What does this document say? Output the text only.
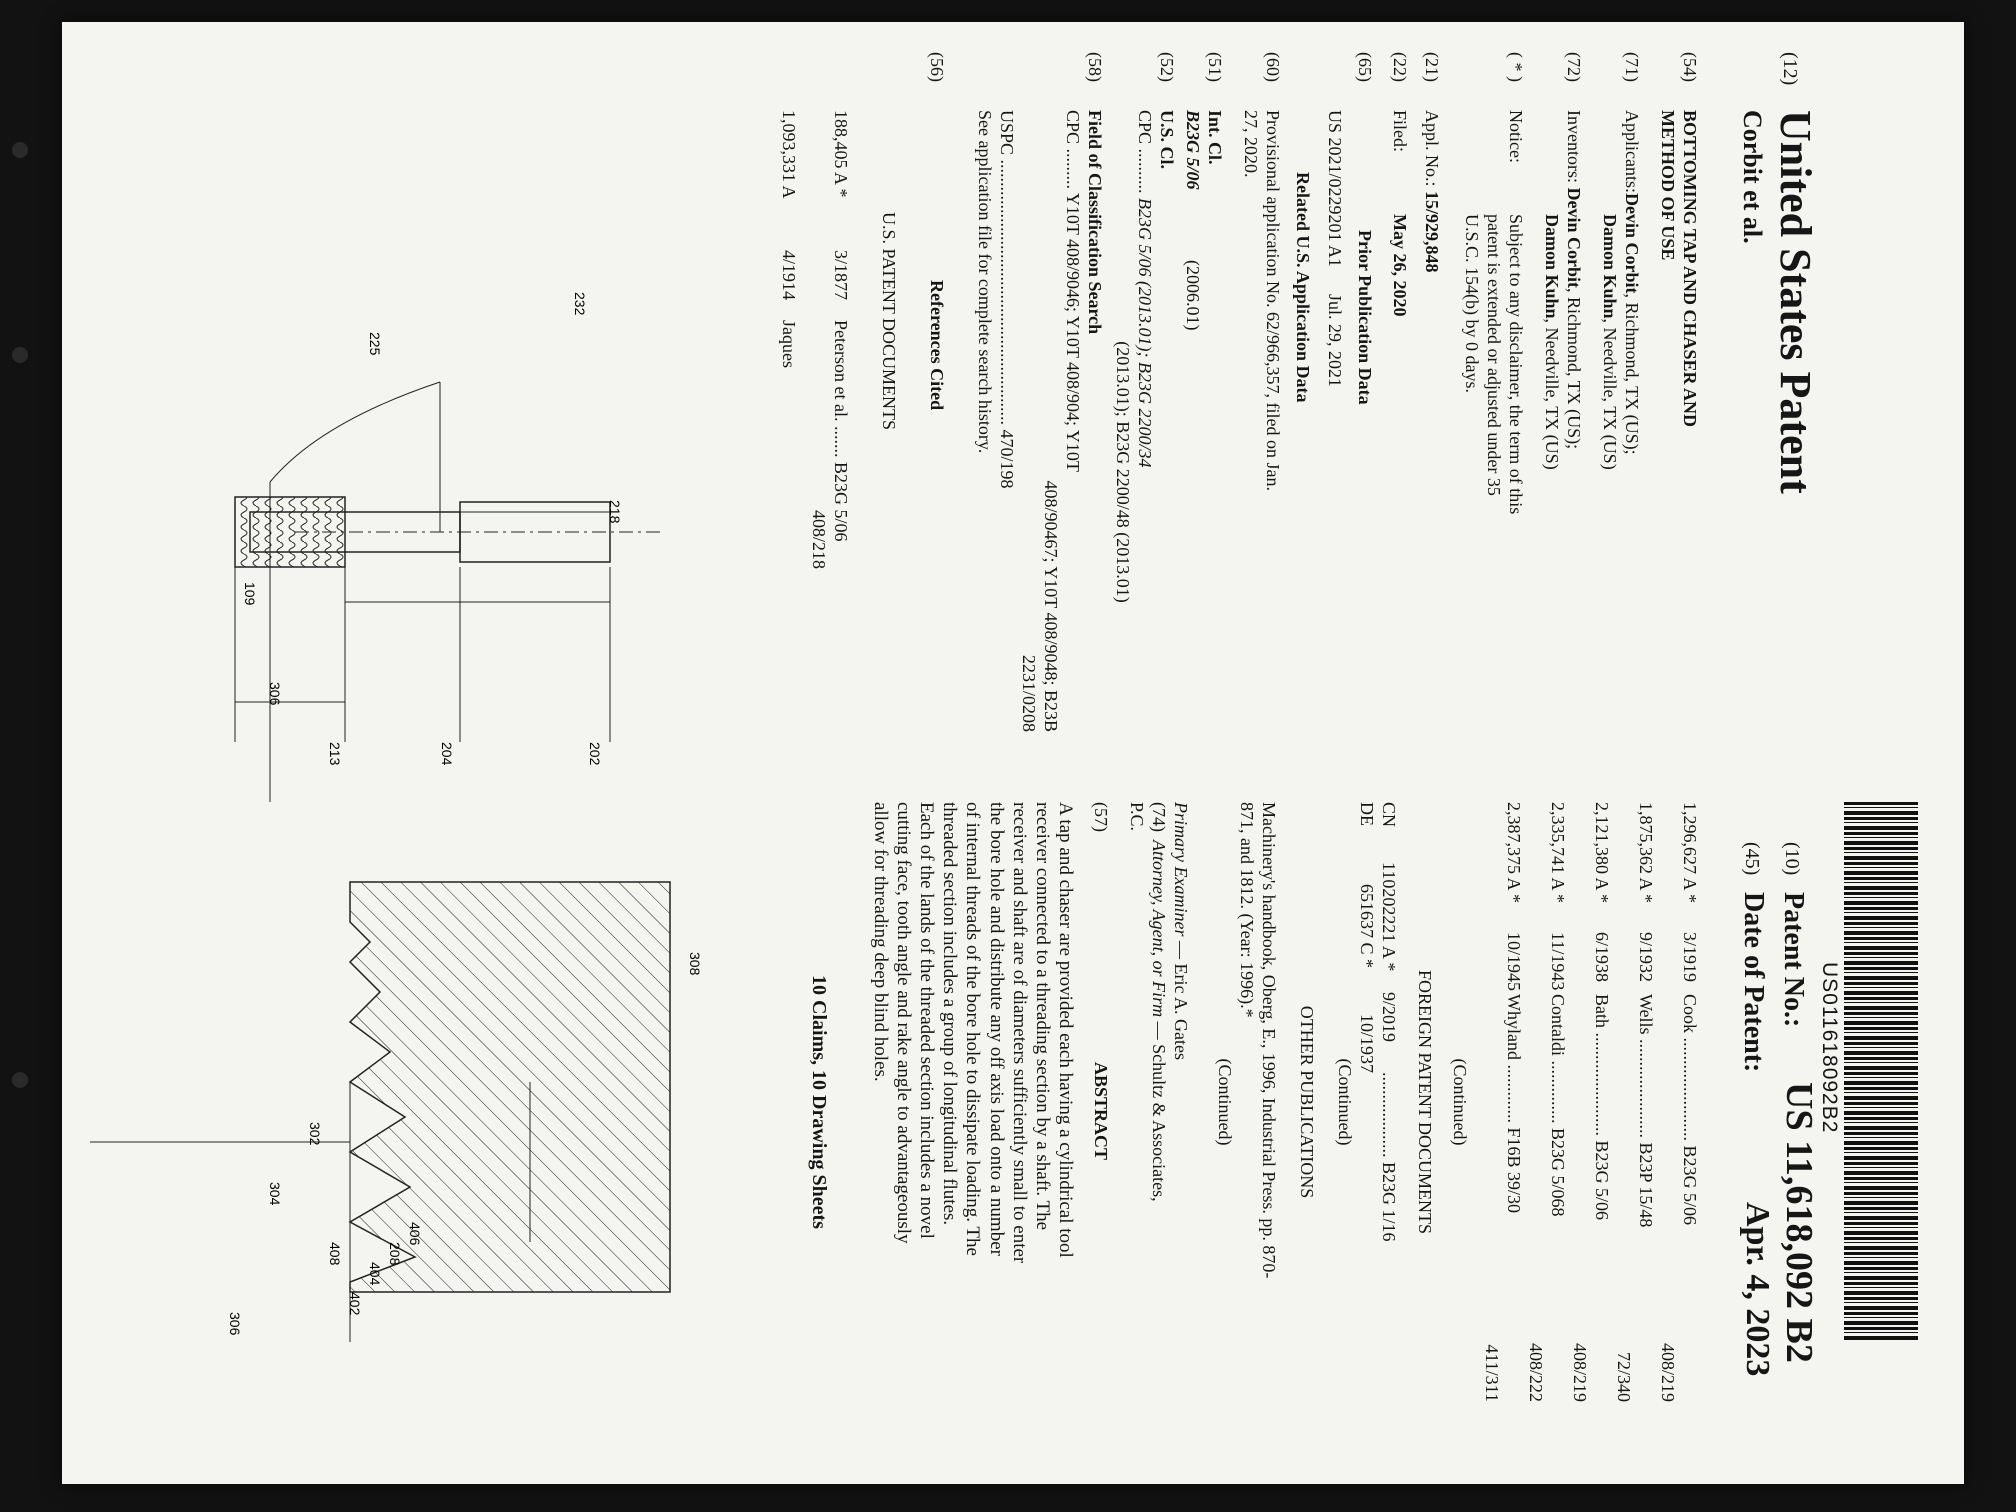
US011618092B2
(12)
United States Patent
Corbit et al.
(10)
Patent No.:
US 11,618,092 B2
(45)
Date of Patent:
Apr. 4, 2023
(54)BOTTOMING TAP AND CHASER AND
METHOD OF USE
(71)Applicants:Devin Corbit, Richmond, TX (US);
Damon Kuhn, Needville, TX (US)
(72)Inventors: Devin Corbit, Richmond, TX (US);
Damon Kuhn, Needville, TX (US)
( * )Notice:Subject to any disclaimer, the term of this
patent is extended or adjusted under 35
U.S.C. 154(b) by 0 days.
(21)Appl. No.: 15/929,848
(22)Filed:May 26, 2020
(65)Prior Publication Data
US 2021/0229201 A1      Jul. 29, 2021
Related U.S. Application Data
(60)Provisional application No. 62/966,357, filed on Jan.
27, 2020.
(51)Int. Cl.
B23G 5/06(2006.01)
(52)U.S. Cl.
CPC .......... B23G 5/06 (2013.01); B23G 2200/34
(2013.01); B23G 2200/48 (2013.01)
(58)Field of Classification Search
CPC ......... Y10T 408/9046; Y10T 408/904; Y10T
408/90467; Y10T 408/9048; B23B
2231/0208
USPC ........................................................... 470/198
See application file for complete search history.
(56)References Cited
U.S. PATENT DOCUMENTS
188,405 A *3/1877Peterson et al. ....... B23G 5/06
408/218
1,093,331 A4/1914Jaques
1,296,627 A *3/1919Cook ....................... B23G 5/06
408/219
1,875,362 A *9/1932Wells ...................... B23P 15/48
72/340
2,121,380 A *6/1938Bath ....................... B23G 5/06
408/219
2,335,741 A *11/1943Contaldi .............. B23G 5/068
408/222
2,387,375 A *10/1945Whyland ............. F16B 39/30
411/311
(Continued)
FOREIGN PATENT DOCUMENTS
CN110202221 A *9/2019................... B23G 1/16
DE651637 C *10/1937
(Continued)
OTHER PUBLICATIONS
Machinery's handbook, Oberg, E., 1996, Industrial Press. pp. 870-
871, and 1812. (Year: 1996).*
(Continued)
Primary Examiner — Eric A. Gates
(74)Attorney, Agent, or Firm — Schultz & Associates,
P.C.
(57)ABSTRACT
A tap and chaser are provided each having a cylindrical tool
receiver connected to a threading section by a shaft. The
receiver and shaft are of diameters sufficiently small to enter
the bore hole and distribute any off axis load onto a number
of internal threads of the bore hole to dissipate loading. The
threaded section includes a group of longitudinal flutes.
Each of the lands of the threaded section includes a novel
cutting face, tooth angle and rake angle to advantageously
allow for threading deep blind holes.
10 Claims, 10 Drawing Sheets
232
225
218
202
204
213
306
109
308
302
304
408
406
208
404
402
306
